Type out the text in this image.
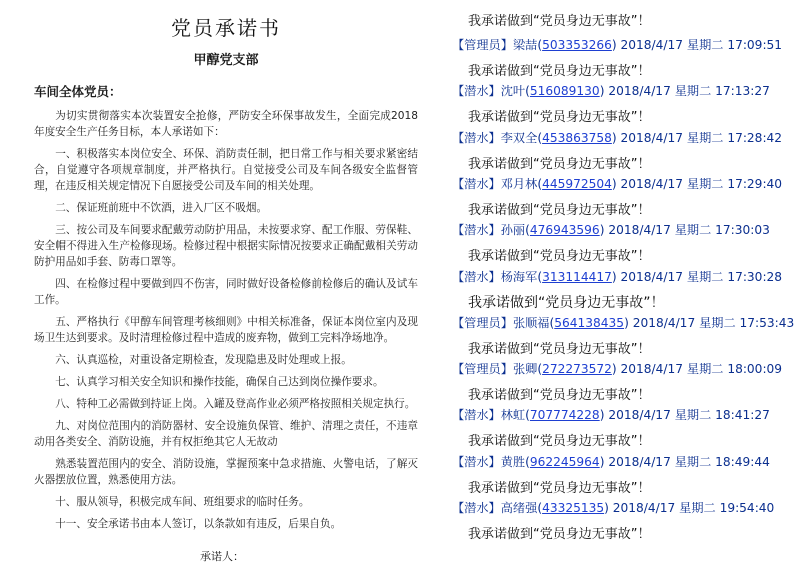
党员承诺书
甲醇党支部
车间全体党员：
为切实贯彻落实本次装置安全抢修，严防安全环保事故发生，全面完成2018年度安全生产任务目标，本人承诺如下：
一、积极落实本岗位安全、环保、消防责任制，把日常工作与相关要求紧密结合，自觉遵守各项规章制度，并严格执行。自觉接受公司及车间各级安全监督管理，在违反相关规定情况下自愿接受公司及车间的相关处理。
二、保证班前班中不饮酒，进入厂区不吸烟。
三、按公司及车间要求配戴劳动防护用品，未按要求穿、配工作服、劳保鞋、安全帽不得进入生产检修现场。检修过程中根据实际情况按要求正确配戴相关劳动防护用品如手套、防毒口罩等。
四、在检修过程中要做到四不伤害，同时做好设备检修前检修后的确认及试车工作。
五、严格执行《甲醇车间管理考核细则》中相关标准备，保证本岗位室内及现场卫生达到要求。及时清理检修过程中造成的废弃物，做到工完料净场地净。
六、认真巡检，对重设备定期检查，发现隐患及时处理或上报。
七、认真学习相关安全知识和操作技能，确保自己达到岗位操作要求。
八、特种工必需做到持证上岗。入罐及登高作业必须严格按照相关规定执行。
九、对岗位范围内的消防器材、安全设施负保管、维护、清理之责任，不违章动用各类安全、消防设施，并有权拒绝其它人无故动
熟悉装置范围内的安全、消防设施，掌握预案中急求措施、火警电话，了解灭火器摆放位置，熟悉使用方法。
十、服从领导，积极完成车间、班组要求的临时任务。
十一、安全承诺书由本人签订，以条款如有违反，后果自负。
承诺人：
我承诺做到“党员身边无事故”！
【管理员】梁喆(503353266) 2018/4/17 星期二 17:09:51
我承诺做到“党员身边无事故”！
【潜水】沈叶(516089130) 2018/4/17 星期二 17:13:27
我承诺做到“党员身边无事故”！
【潜水】李双全(453863758) 2018/4/17 星期二 17:28:42
我承诺做到“党员身边无事故”！
【潜水】邓月林(445972504) 2018/4/17 星期二 17:29:40
我承诺做到“党员身边无事故”！
【潜水】孙丽(476943596) 2018/4/17 星期二 17:30:03
我承诺做到“党员身边无事故”！
【潜水】杨海军(313114417) 2018/4/17 星期二 17:30:28
我承诺做到“党员身边无事故”！
【管理员】张顺福(564138435) 2018/4/17 星期二 17:53:43
我承诺做到“党员身边无事故”！
【管理员】张卿(272273572) 2018/4/17 星期二 18:00:09
我承诺做到“党员身边无事故”！
【潜水】林虹(707774228) 2018/4/17 星期二 18:41:27
我承诺做到“党员身边无事故”！
【潜水】黄胜(962245964) 2018/4/17 星期二 18:49:44
我承诺做到“党员身边无事故”！
【潜水】高绪强(43325135) 2018/4/17 星期二 19:54:40
我承诺做到“党员身边无事故”！
